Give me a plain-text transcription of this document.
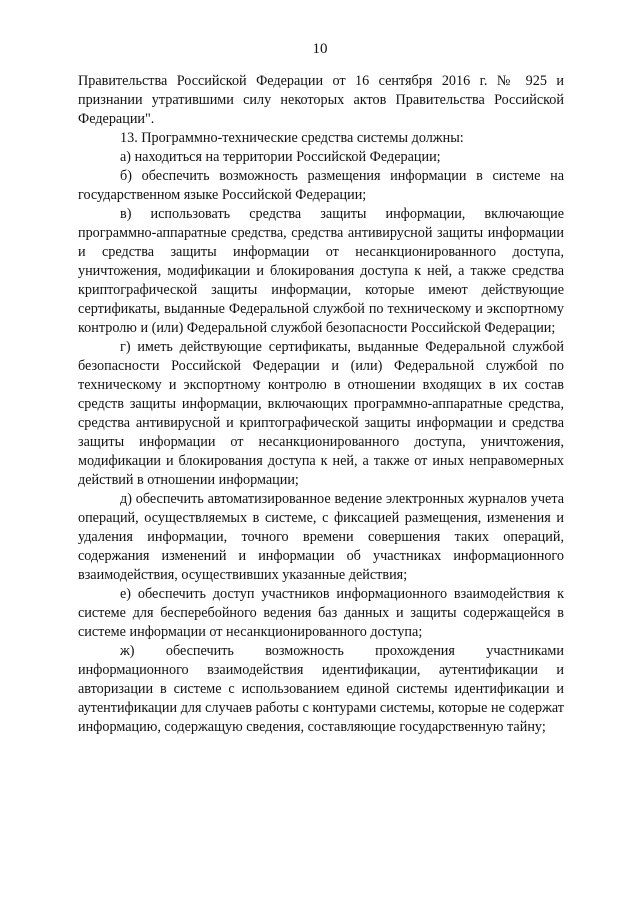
10

Правительства Российской Федерации от 16 сентября 2016 г. № 925 и признании утратившими силу некоторых актов Правительства Российской Федерации".

13. Программно-технические средства системы должны:

а) находиться на территории Российской Федерации;

б) обеспечить возможность размещения информации в системе на государственном языке Российской Федерации;

в) использовать средства защиты информации, включающие программно-аппаратные средства, средства антивирусной защиты информации и средства защиты информации от несанкционированного доступа, уничтожения, модификации и блокирования доступа к ней, а также средства криптографической защиты информации, которые имеют действующие сертификаты, выданные Федеральной службой по техническому и экспортному контролю и (или) Федеральной службой безопасности Российской Федерации;

г) иметь действующие сертификаты, выданные Федеральной службой безопасности Российской Федерации и (или) Федеральной службой по техническому и экспортному контролю в отношении входящих в их состав средств защиты информации, включающих программно-аппаратные средства, средства антивирусной и криптографической защиты информации и средства защиты информации от несанкционированного доступа, уничтожения, модификации и блокирования доступа к ней, а также от иных неправомерных действий в отношении информации;

д) обеспечить автоматизированное ведение электронных журналов учета операций, осуществляемых в системе, с фиксацией размещения, изменения и удаления информации, точного времени совершения таких операций, содержания изменений и информации об участниках информационного взаимодействия, осуществивших указанные действия;

е) обеспечить доступ участников информационного взаимодействия к системе для бесперебойного ведения баз данных и защиты содержащейся в системе информации от несанкционированного доступа;

ж) обеспечить возможность прохождения участниками информационного взаимодействия идентификации, аутентификации и авторизации в системе с использованием единой системы идентификации и аутентификации для случаев работы с контурами системы, которые не содержат информацию, содержащую сведения, составляющие государственную тайну;
